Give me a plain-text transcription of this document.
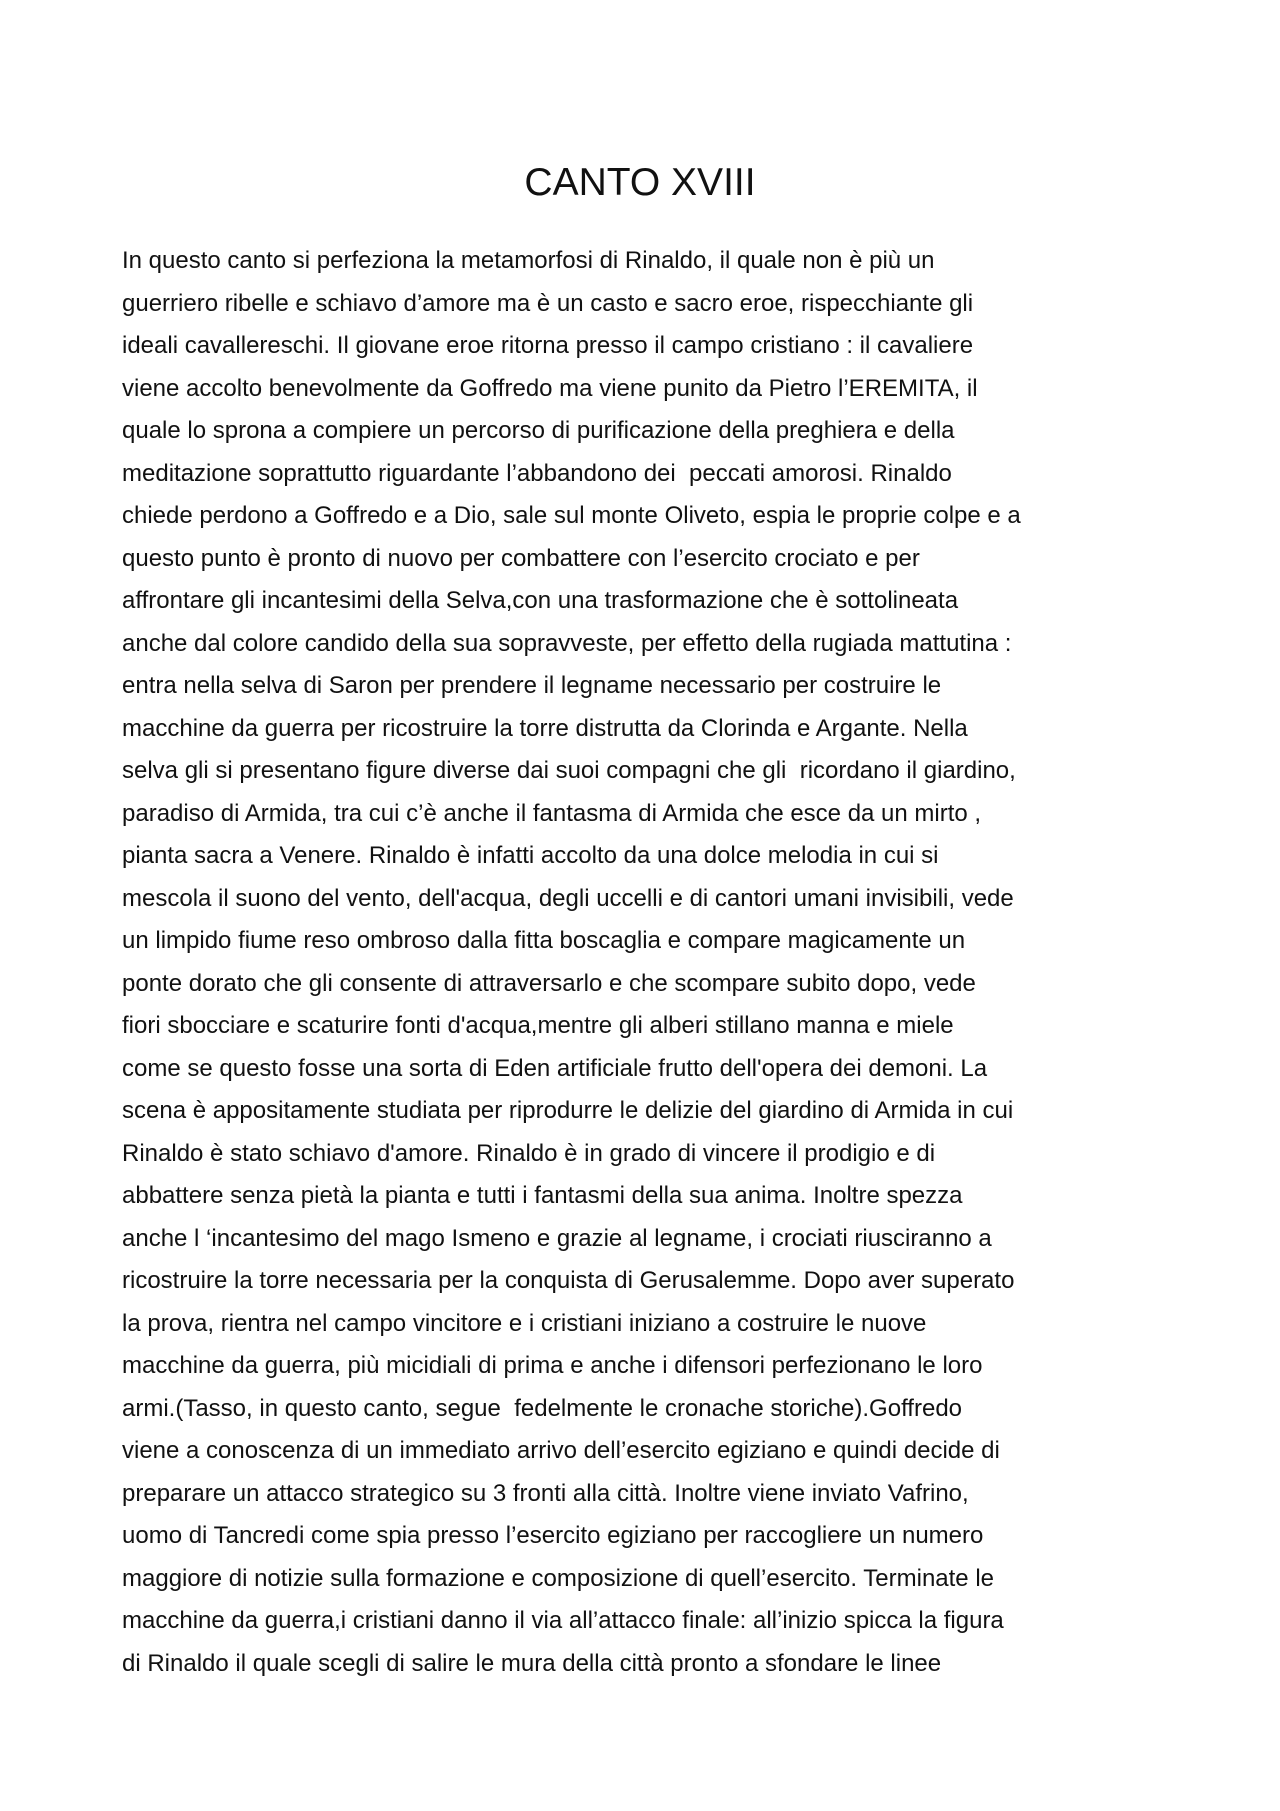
CANTO XVIII
In questo canto si perfeziona la metamorfosi di Rinaldo, il quale non è più un
guerriero ribelle e schiavo d’amore ma è un casto e sacro eroe, rispecchiante gli
ideali cavallereschi. Il giovane eroe ritorna presso il campo cristiano : il cavaliere
viene accolto benevolmente da Goffredo ma viene punito da Pietro l’EREMITA, il
quale lo sprona a compiere un percorso di purificazione della preghiera e della
meditazione soprattutto riguardante l’abbandono dei  peccati amorosi. Rinaldo
chiede perdono a Goffredo e a Dio, sale sul monte Oliveto, espia le proprie colpe e a
questo punto è pronto di nuovo per combattere con l’esercito crociato e per
affrontare gli incantesimi della Selva,con una trasformazione che è sottolineata
anche dal colore candido della sua sopravveste, per effetto della rugiada mattutina :
entra nella selva di Saron per prendere il legname necessario per costruire le
macchine da guerra per ricostruire la torre distrutta da Clorinda e Argante. Nella
selva gli si presentano figure diverse dai suoi compagni che gli  ricordano il giardino,
paradiso di Armida, tra cui c’è anche il fantasma di Armida che esce da un mirto ,
pianta sacra a Venere. Rinaldo è infatti accolto da una dolce melodia in cui si
mescola il suono del vento, dell'acqua, degli uccelli e di cantori umani invisibili, vede
un limpido fiume reso ombroso dalla fitta boscaglia e compare magicamente un
ponte dorato che gli consente di attraversarlo e che scompare subito dopo, vede
fiori sbocciare e scaturire fonti d'acqua,mentre gli alberi stillano manna e miele
come se questo fosse una sorta di Eden artificiale frutto dell'opera dei demoni. La
scena è appositamente studiata per riprodurre le delizie del giardino di Armida in cui
Rinaldo è stato schiavo d'amore. Rinaldo è in grado di vincere il prodigio e di
abbattere senza pietà la pianta e tutti i fantasmi della sua anima. Inoltre spezza
anche l ‘incantesimo del mago Ismeno e grazie al legname, i crociati riusciranno a
ricostruire la torre necessaria per la conquista di Gerusalemme. Dopo aver superato
la prova, rientra nel campo vincitore e i cristiani iniziano a costruire le nuove
macchine da guerra, più micidiali di prima e anche i difensori perfezionano le loro
armi.(Tasso, in questo canto, segue  fedelmente le cronache storiche).Goffredo
viene a conoscenza di un immediato arrivo dell’esercito egiziano e quindi decide di
preparare un attacco strategico su 3 fronti alla città. Inoltre viene inviato Vafrino,
uomo di Tancredi come spia presso l’esercito egiziano per raccogliere un numero
maggiore di notizie sulla formazione e composizione di quell’esercito. Terminate le
macchine da guerra,i cristiani danno il via all’attacco finale: all’inizio spicca la figura
di Rinaldo il quale scegli di salire le mura della città pronto a sfondare le linee
